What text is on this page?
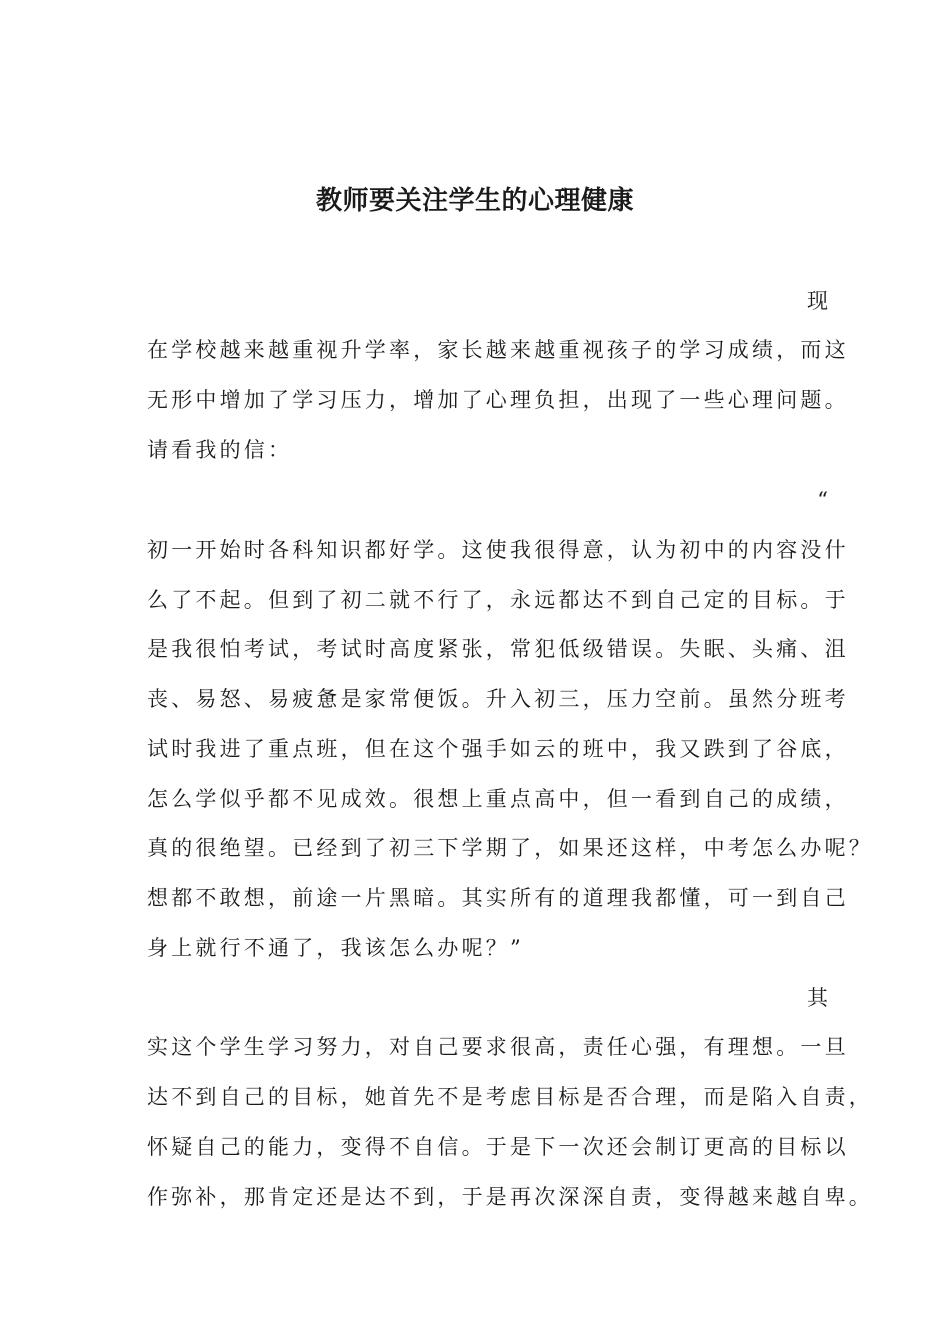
教师要关注学生的心理健康
现
在学校越来越重视升学率，家长越来越重视孩子的学习成绩，而这
无形中增加了学习压力，增加了心理负担，出现了一些心理问题。
请看我的信：
“
初一开始时各科知识都好学。这使我很得意，认为初中的内容没什
么了不起。但到了初二就不行了，永远都达不到自己定的目标。于
是我很怕考试，考试时高度紧张，常犯低级错误。失眠、头痛、沮
丧、易怒、易疲惫是家常便饭。升入初三，压力空前。虽然分班考
试时我进了重点班，但在这个强手如云的班中，我又跌到了谷底，
怎么学似乎都不见成效。很想上重点高中，但一看到自己的成绩，
真的很绝望。已经到了初三下学期了，如果还这样，中考怎么办呢？
想都不敢想，前途一片黑暗。其实所有的道理我都懂，可一到自己
身上就行不通了，我该怎么办呢？”
其
实这个学生学习努力，对自己要求很高，责任心强，有理想。一旦
达不到自己的目标，她首先不是考虑目标是否合理，而是陷入自责，
怀疑自己的能力，变得不自信。于是下一次还会制订更高的目标以
作弥补，那肯定还是达不到，于是再次深深自责，变得越来越自卑。
